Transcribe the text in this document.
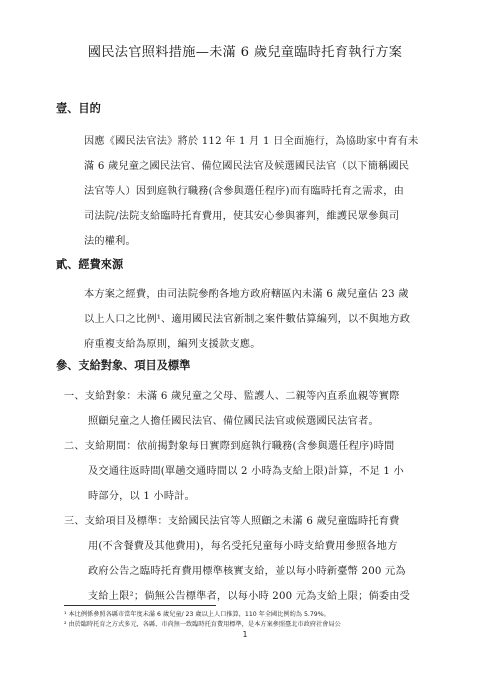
國民法官照料措施—未滿 6 歲兒童臨時托育執行方案
壹、目的
因應《國民法官法》將於 112 年 1 月 1 日全面施行，為協助家中育有未
滿 6 歲兒童之國民法官、備位國民法官及候選國民法官（以下簡稱國民
法官等人）因到庭執行職務(含參與選任程序)而有臨時托育之需求，由
司法院/法院支給臨時托育費用，使其安心參與審判，維護民眾參與司
法的權利。
貳、經費來源
本方案之經費，由司法院參酌各地方政府轄區內未滿 6 歲兒童佔 23 歲
以上人口之比例¹、適用國民法官新制之案件數估算編列，以不與地方政
府重複支給為原則，編列支援款支應。
參、支給對象、項目及標準
一、支給對象：未滿 6 歲兒童之父母、監護人、二親等內直系血親等實際
照顧兒童之人擔任國民法官、備位國民法官或候選國民法官者。
二、支給期間：依前揭對象每日實際到庭執行職務(含參與選任程序)時間
及交通往返時間(單趟交通時間以 2 小時為支給上限)計算，不足 1 小
時部分，以 1 小時計。
三、支給項目及標準：支給國民法官等人照顧之未滿 6 歲兒童臨時托育費
用(不含餐費及其他費用)，每名受托兒童每小時支給費用參照各地方
政府公告之臨時托育費用標準核實支給，並以每小時新臺幣 200 元為
支給上限²；倘無公告標準者，以每小時 200 元為支給上限；倘委由受
¹ 本比例係參照各縣市當年度未滿 6 歲兒童/ 23 歲以上人口推算，110 年全國比例約為 5.79%。
² 由於臨時托育之方式多元，各縣、市尚無一致臨時托育費用標準，是本方案參照臺北市政府社會局公
1
